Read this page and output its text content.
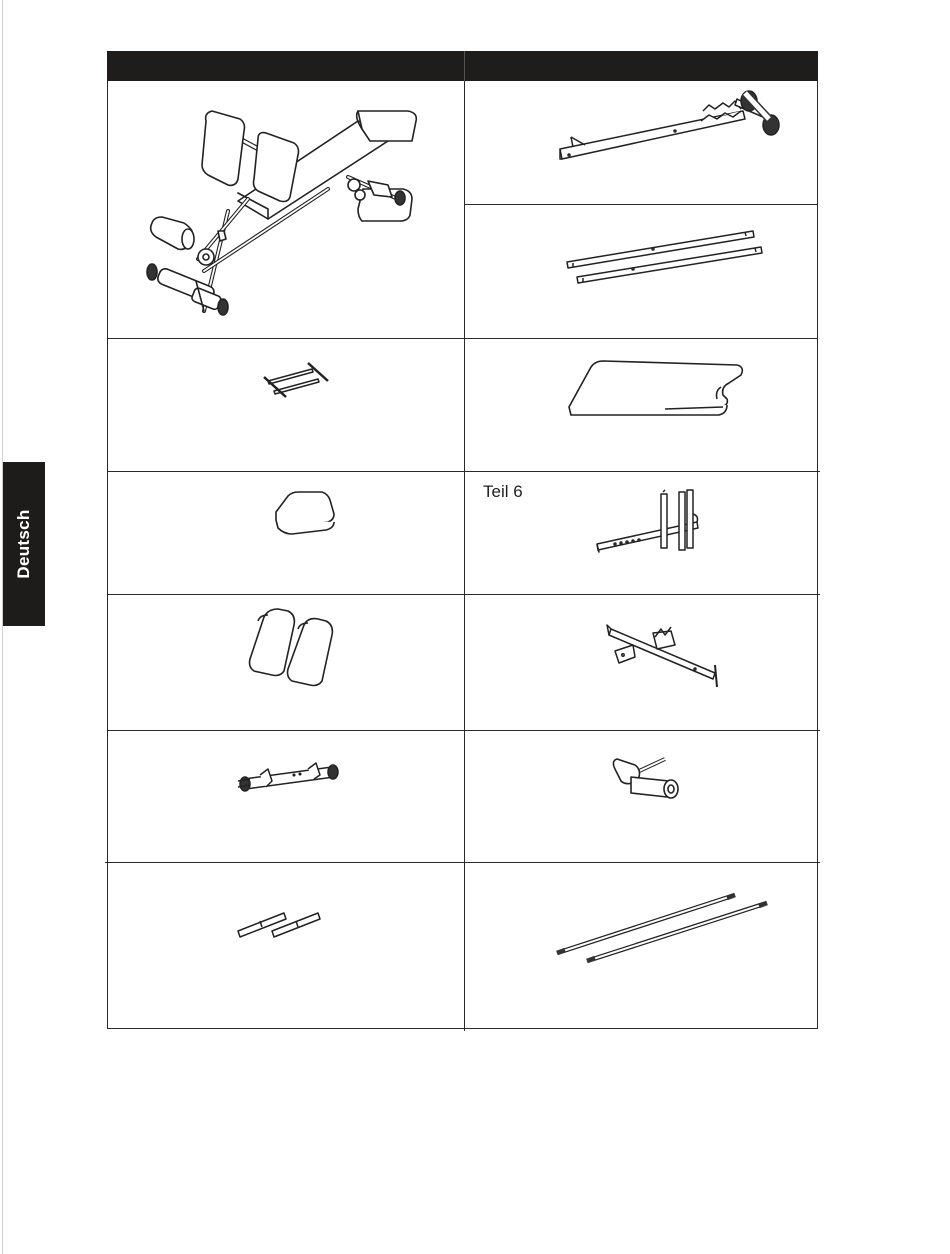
Deutsch
Teil 6
